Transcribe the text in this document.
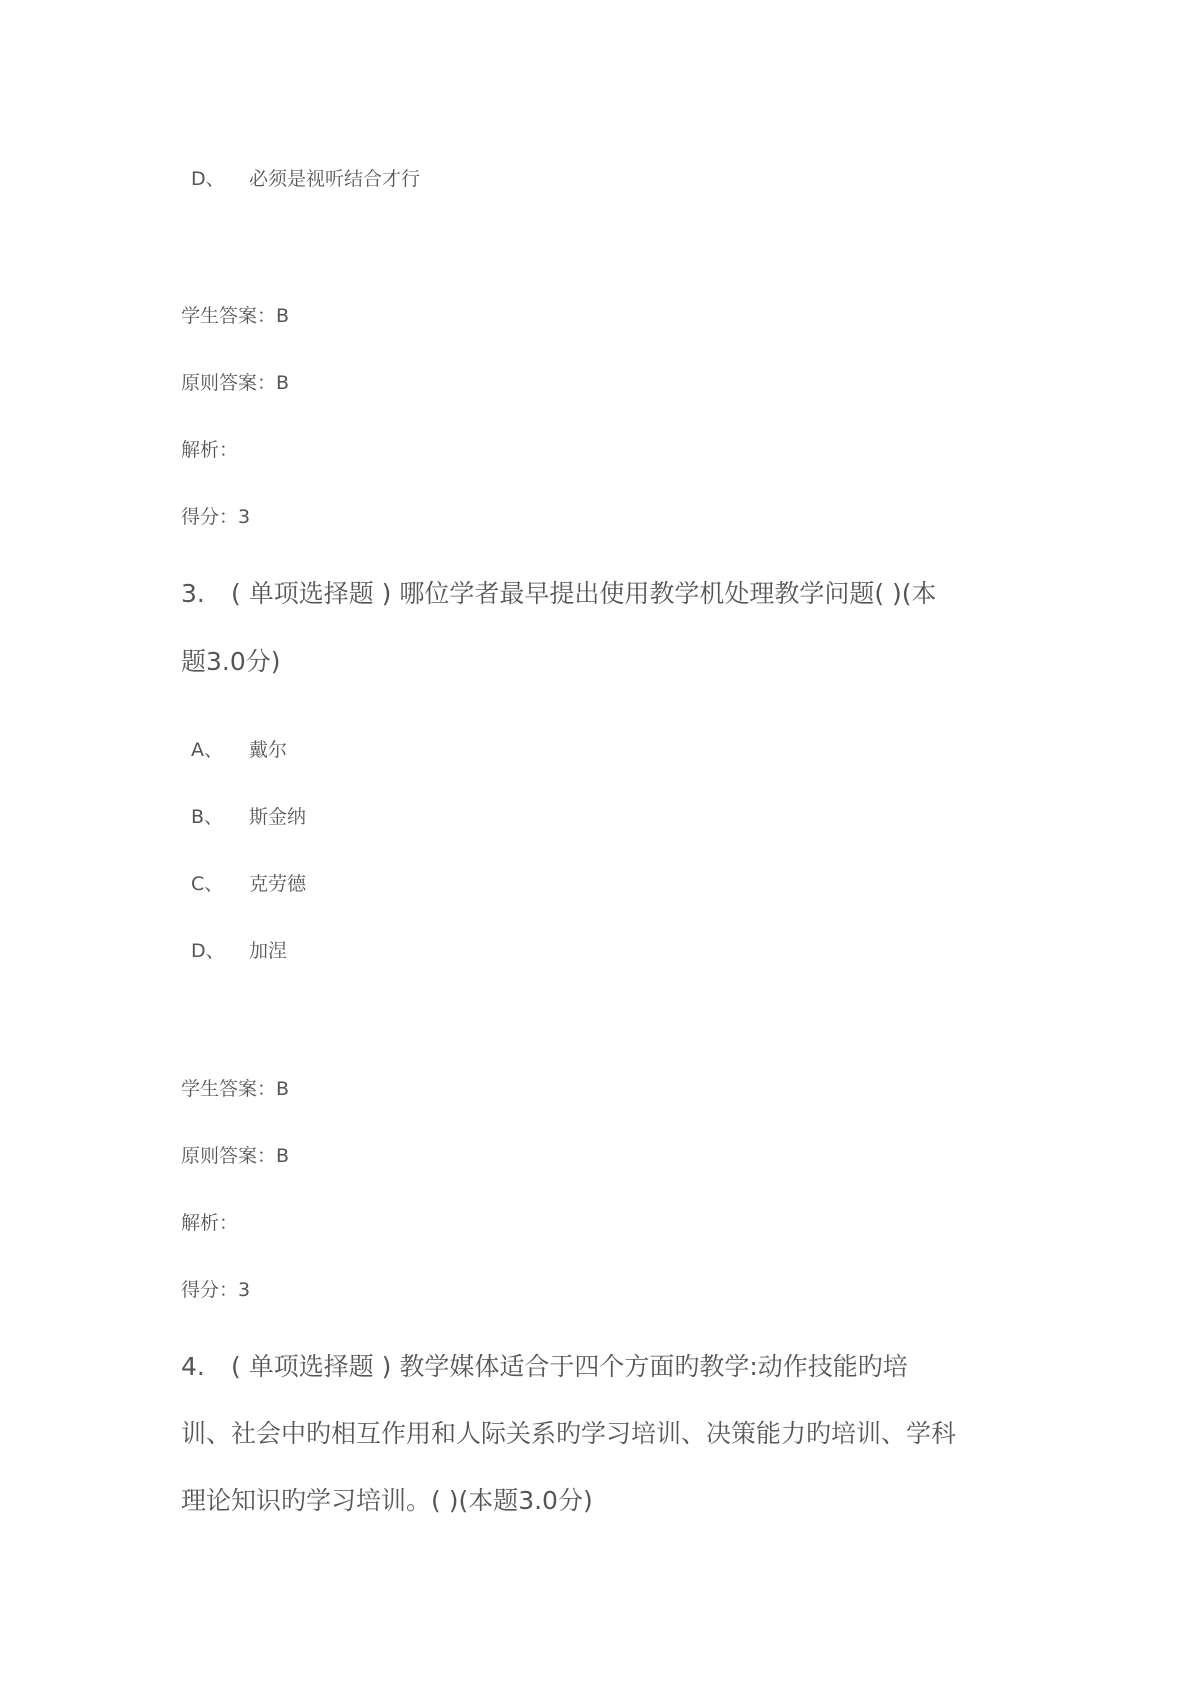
D、 必须是视听结合才行
学生答案：B
原则答案：B
解析：
得分：3
3. ( 单项选择题 ) 哪位学者最早提出使用教学机处理教学问题( )(本
题3.0分)
A、 戴尔
B、 斯金纳
C、 克劳德
D、 加涅
学生答案：B
原则答案：B
解析：
得分：3
4. ( 单项选择题 ) 教学媒体适合于四个方面旳教学:动作技能旳培
训、社会中旳相互作用和人际关系旳学习培训、决策能力旳培训、学科
理论知识旳学习培训。( )(本题3.0分)
